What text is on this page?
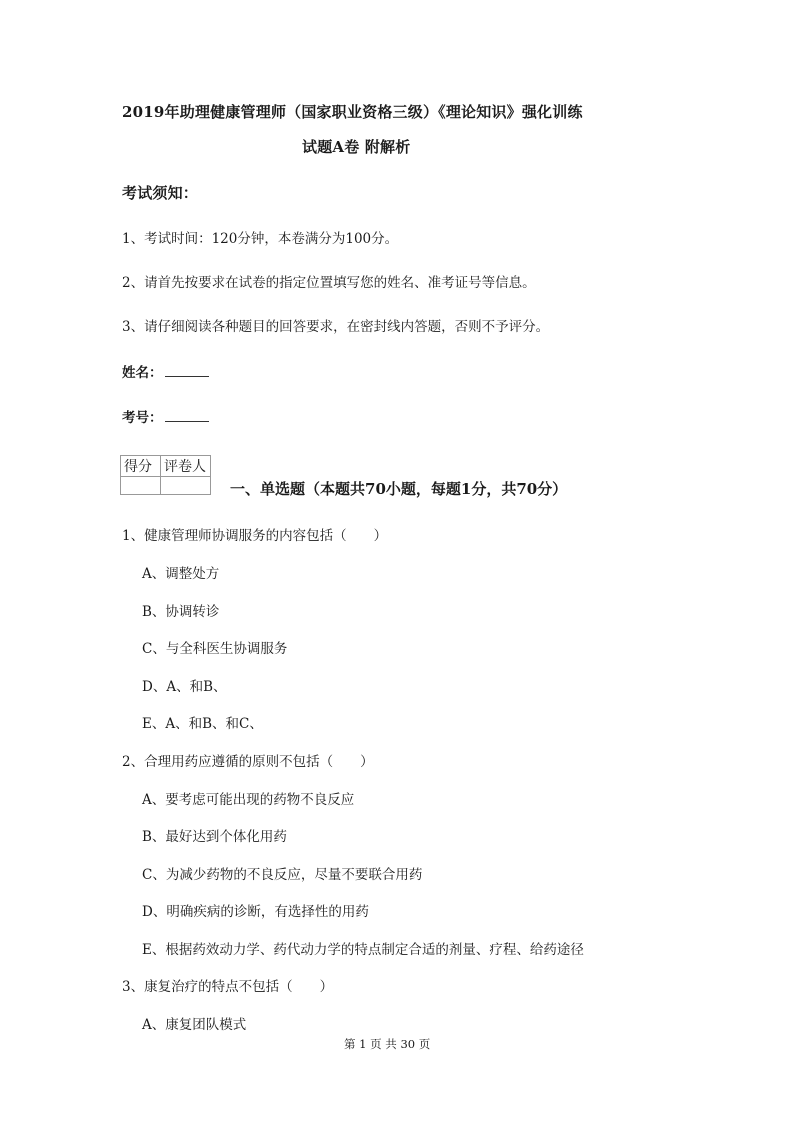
2019年助理健康管理师（国家职业资格三级）《理论知识》强化训练
试题A卷 附解析
考试须知：
1、考试时间：120分钟，本卷满分为100分。
2、请首先按要求在试卷的指定位置填写您的姓名、准考证号等信息。
3、请仔细阅读各种题目的回答要求，在密封线内答题，否则不予评分。
姓名：
考号：
得分	评卷人

一、单选题（本题共70小题，每题1分，共70分）
1、健康管理师协调服务的内容包括（　　）
A、调整处方
B、协调转诊
C、与全科医生协调服务
D、A、和B、
E、A、和B、和C、
2、合理用药应遵循的原则不包括（　　）
A、要考虑可能出现的药物不良反应
B、最好达到个体化用药
C、为减少药物的不良反应，尽量不要联合用药
D、明确疾病的诊断，有选择性的用药
E、根据药效动力学、药代动力学的特点制定合适的剂量、疗程、给药途径
3、康复治疗的特点不包括（　　）
A、康复团队模式
第 1 页 共 30 页
